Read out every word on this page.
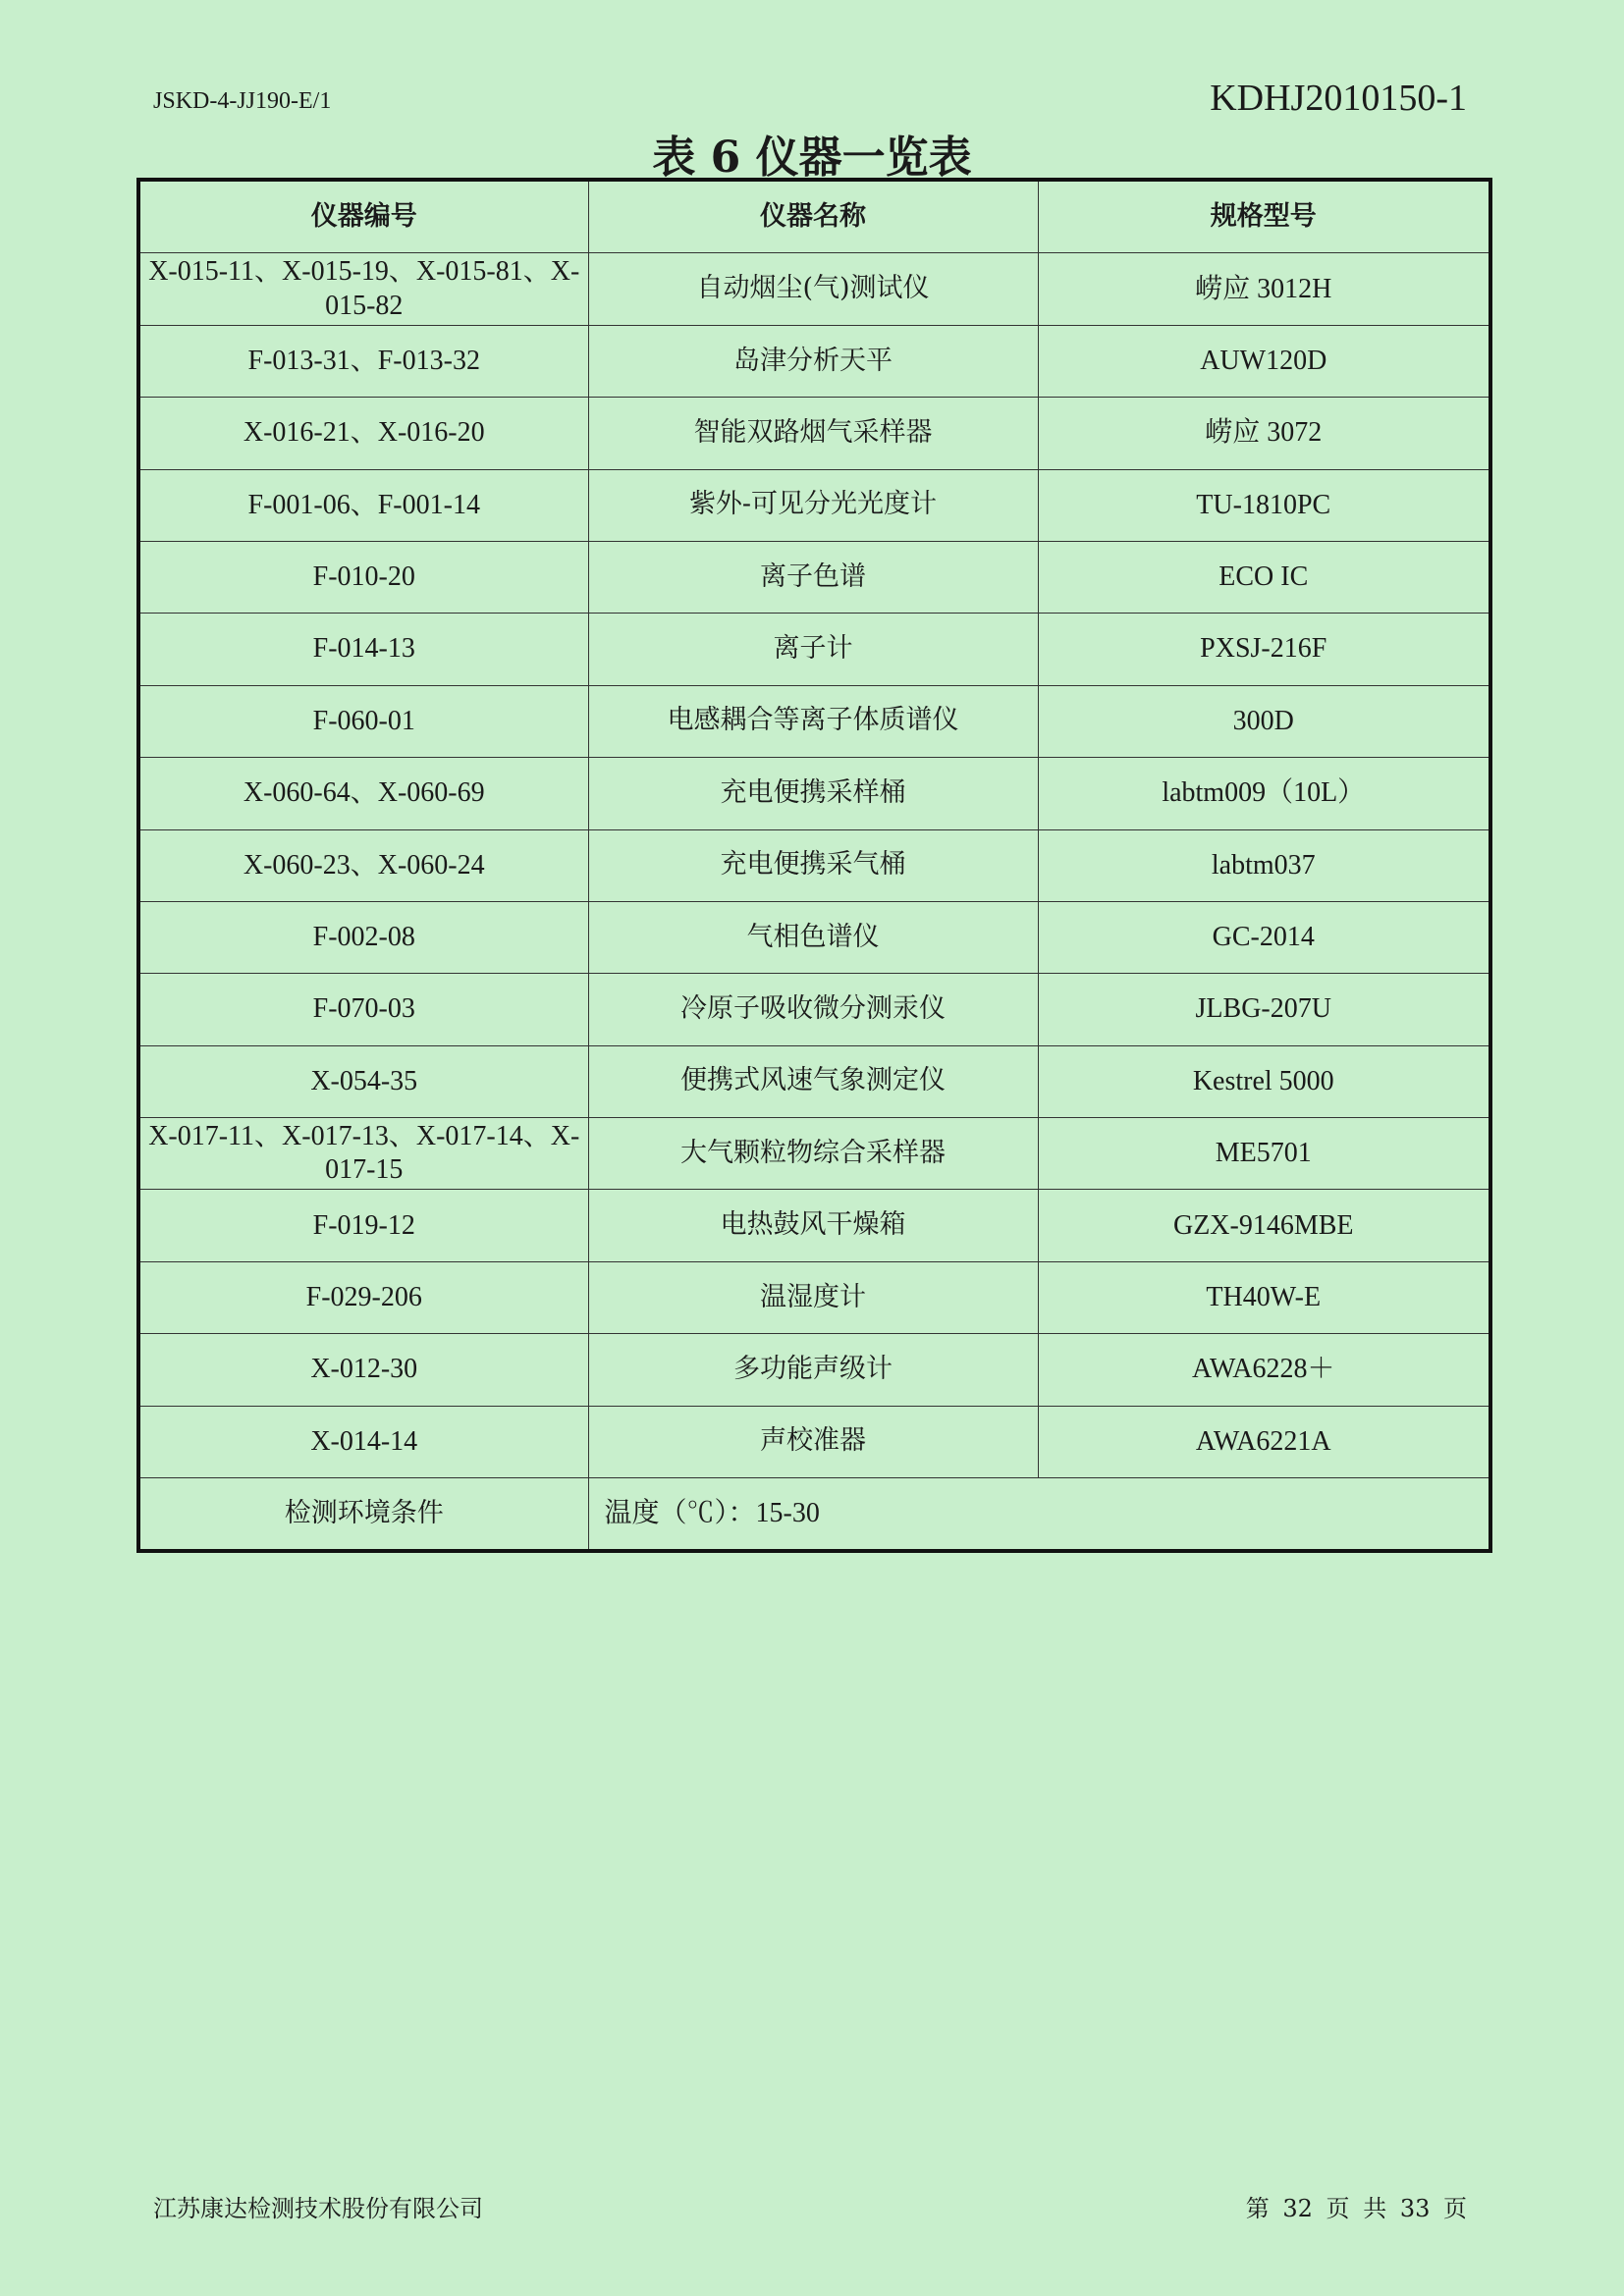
JSKD-4-JJ190-E/1	KDHJ2010150-1
表 6 仪器一览表
仪器编号	仪器名称	规格型号
X-015-11、X-015-19、X-015-81、X-015-82	自动烟尘(气)测试仪	崂应 3012H
F-013-31、F-013-32	岛津分析天平	AUW120D
X-016-21、X-016-20	智能双路烟气采样器	崂应 3072
F-001-06、F-001-14	紫外-可见分光光度计	TU-1810PC
F-010-20	离子色谱	ECO IC
F-014-13	离子计	PXSJ-216F
F-060-01	电感耦合等离子体质谱仪	300D
X-060-64、X-060-69	充电便携采样桶	labtm009（10L）
X-060-23、X-060-24	充电便携采气桶	labtm037
F-002-08	气相色谱仪	GC-2014
F-070-03	冷原子吸收微分测汞仪	JLBG-207U
X-054-35	便携式风速气象测定仪	Kestrel 5000
X-017-11、X-017-13、X-017-14、X-017-15	大气颗粒物综合采样器	ME5701
F-019-12	电热鼓风干燥箱	GZX-9146MBE
F-029-206	温湿度计	TH40W-E
X-012-30	多功能声级计	AWA6228＋
X-014-14	声校准器	AWA6221A
检测环境条件	温度（℃）：15-30	
江苏康达检测技术股份有限公司	第 32 页 共 33 页
